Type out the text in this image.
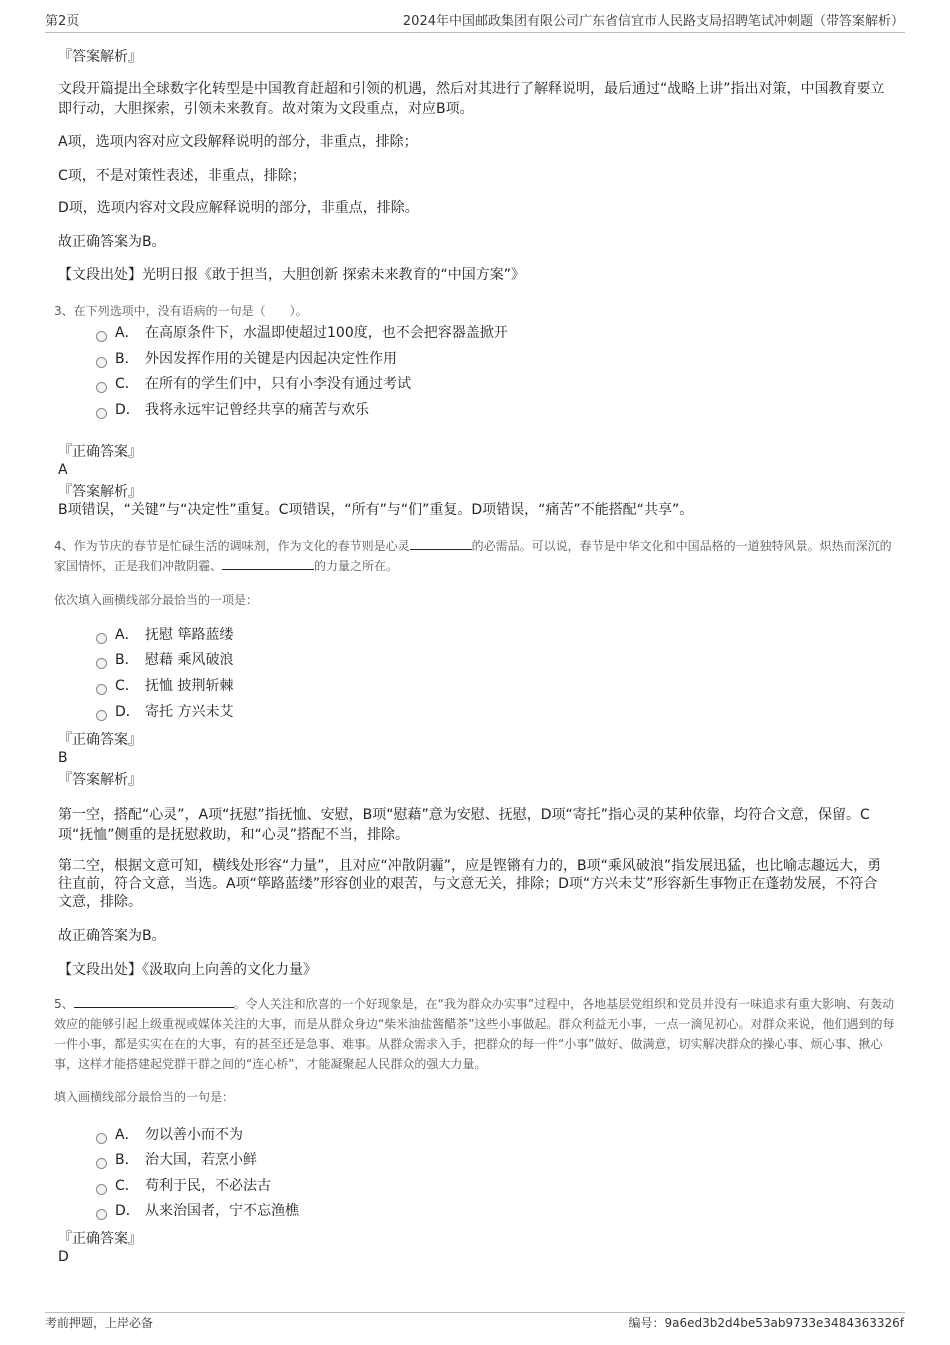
第2页	2024年中国邮政集团有限公司广东省信宜市人民路支局招聘笔试冲刺题（带答案解析）
『答案解析』
文段开篇提出全球数字化转型是中国教育赶超和引领的机遇，然后对其进行了解释说明，最后通过“战略上讲”指出对策，中国教育要立即行动，大胆探索，引领未来教育。故对策为文段重点，对应B项。
A项，选项内容对应文段解释说明的部分，非重点，排除；
C项，不是对策性表述，非重点，排除；
D项，选项内容对文段应解释说明的部分，非重点，排除。
故正确答案为B。
【文段出处】光明日报《敢于担当，大胆创新 探索未来教育的“中国方案”》
3、在下列选项中，没有语病的一句是（　　）。
A． 在高原条件下，水温即使超过100度，也不会把容器盖掀开
B． 外因发挥作用的关键是内因起决定性作用
C． 在所有的学生们中，只有小李没有通过考试
D． 我将永远牢记曾经共享的痛苦与欢乐
『正确答案』
A
『答案解析』
B项错误，“关键”与“决定性”重复。C项错误，“所有”与“们”重复。D项错误，“痛苦”不能搭配“共享”。
4、作为节庆的春节是忙碌生活的调味剂，作为文化的春节则是心灵	的必需品。可以说，春节是中华文化和中国品格的一道独特风景。炽热而深沉的家国情怀，正是我们冲散阴霾、	的力量之所在。
依次填入画横线部分最恰当的一项是：
A． 抚慰 筚路蓝缕
B． 慰藉 乘风破浪
C． 抚恤 披荆斩棘
D． 寄托 方兴未艾
『正确答案』
B
『答案解析』
第一空，搭配“心灵”，A项“抚慰”指抚恤、安慰，B项“慰藉”意为安慰、抚慰，D项“寄托”指心灵的某种依靠，均符合文意，保留。C项“抚恤”侧重的是抚慰救助，和“心灵”搭配不当，排除。
第二空，根据文意可知，横线处形容“力量”，且对应“冲散阴霾”，应是铿锵有力的，B项“乘风破浪”指发展迅猛，也比喻志趣远大，勇往直前，符合文意，当选。A项“筚路蓝缕”形容创业的艰苦，与文意无关，排除；D项“方兴未艾”形容新生事物正在蓬勃发展，不符合文意，排除。
故正确答案为B。
【文段出处】《汲取向上向善的文化力量》
5、	。令人关注和欣喜的一个好现象是，在“我为群众办实事”过程中，各地基层党组织和党员并没有一味追求有重大影响、有轰动效应的能够引起上级重视或媒体关注的大事，而是从群众身边“柴米油盐酱醋茶”这些小事做起。群众利益无小事，一点一滴见初心。对群众来说，他们遇到的每一件小事，都是实实在在的大事，有的甚至还是急事、难事。从群众需求入手，把群众的每一件“小事”做好、做满意，切实解决群众的操心事、烦心事、揪心事，这样才能搭建起党群干群之间的“连心桥”，才能凝聚起人民群众的强大力量。
填入画横线部分最恰当的一句是：
A． 勿以善小而不为
B． 治大国，若烹小鲜
C． 苟利于民，不必法古
D． 从来治国者，宁不忘渔樵
『正确答案』
D
考前押题，上岸必备	编号：9a6ed3b2d4be53ab9733e3484363326f
